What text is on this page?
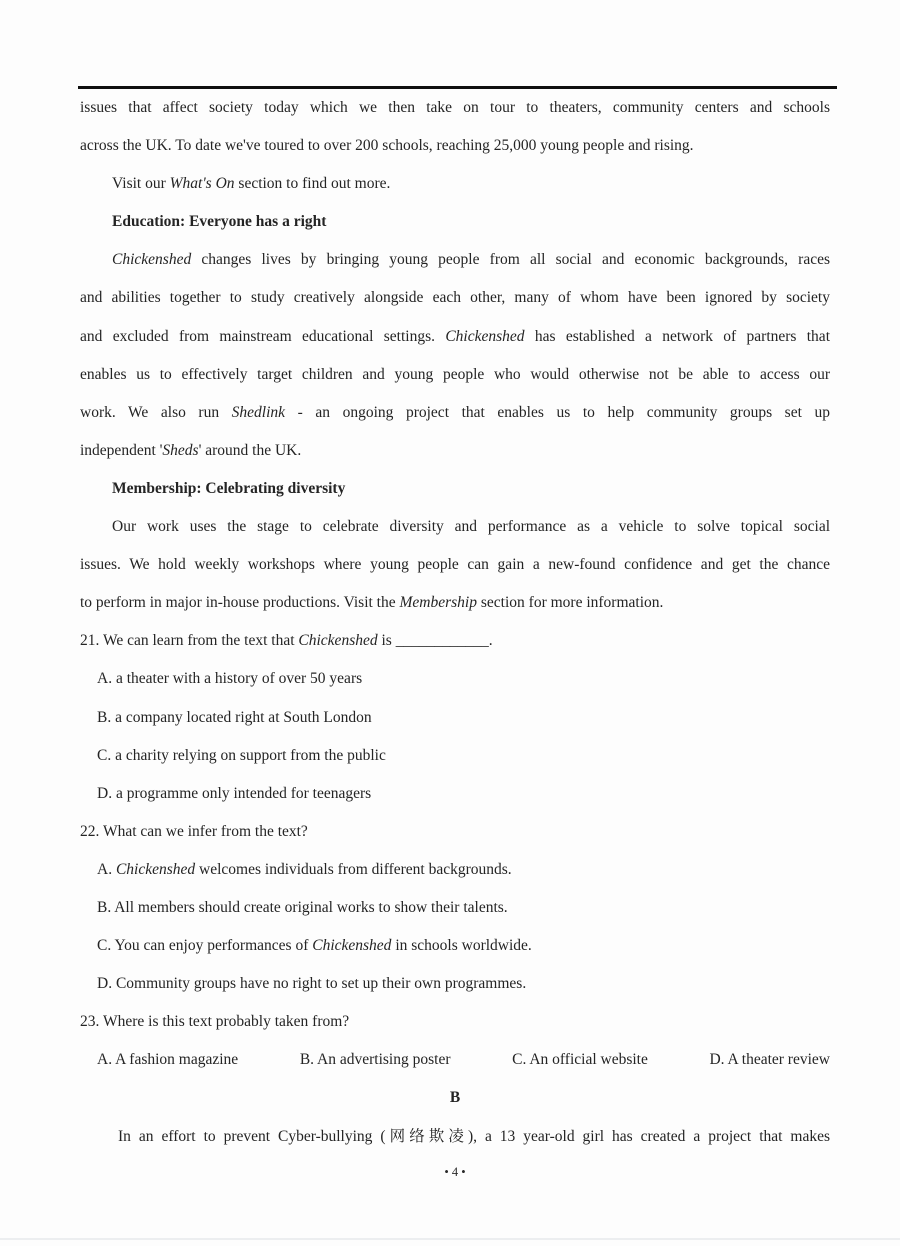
issues that affect society today which we then take on tour to theaters, community centers and schools
across the UK. To date we've toured to over 200 schools, reaching 25,000 young people and rising.
Visit our What's On section to find out more.
Education: Everyone has a right
Chickenshed changes lives by bringing young people from all social and economic backgrounds, races
and abilities together to study creatively alongside each other, many of whom have been ignored by society
and excluded from mainstream educational settings. Chickenshed has established a network of partners that
enables us to effectively target children and young people who would otherwise not be able to access our
work. We also run Shedlink - an ongoing project that enables us to help community groups set up
independent 'Sheds' around the UK.
Membership: Celebrating diversity
Our work uses the stage to celebrate diversity and performance as a vehicle to solve topical social
issues. We hold weekly workshops where young people can gain a new-found confidence and get the chance
to perform in major in-house productions. Visit the Membership section for more information.
21. We can learn from the text that Chickenshed is ____________.
A. a theater with a history of over 50 years
B. a company located right at South London
C. a charity relying on support from the public
D. a programme only intended for teenagers
22. What can we infer from the text?
A. Chickenshed welcomes individuals from different backgrounds.
B. All members should create original works to show their talents.
C. You can enjoy performances of Chickenshed in schools worldwide.
D. Community groups have no right to set up their own programmes.
23. Where is this text probably taken from?
A. A fashion magazine	B. An advertising poster	C. An official website	D. A theater review
B
In an effort to prevent Cyber-bullying (网络欺凌), a 13 year-old girl has created a project that makes
• 4 •
